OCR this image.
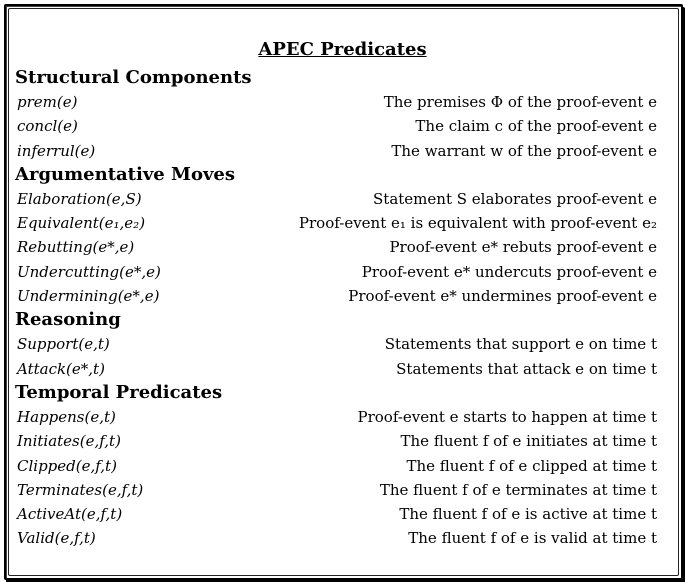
APEC Predicates
Structural Components
prem(e)	The premises Φ of the proof-event e
concl(e)	The claim c of the proof-event e
inferrul(e)	The warrant w of the proof-event e
Argumentative Moves
Elaboration(e,S)	Statement S elaborates proof-event e
Equivalent(e₁,e₂)	Proof-event e₁ is equivalent with proof-event e₂
Rebutting(e*,e)	Proof-event e* rebuts proof-event e
Undercutting(e*,e)	Proof-event e* undercuts proof-event e
Undermining(e*,e)	Proof-event e* undermines proof-event e
Reasoning
Support(e,t)	Statements that support e on time t
Attack(e*,t)	Statements that attack e on time t
Temporal Predicates
Happens(e,t)	Proof-event e starts to happen at time t
Initiates(e,f,t)	The fluent f of e initiates at time t
Clipped(e,f,t)	The fluent f of e clipped at time t
Terminates(e,f,t)	The fluent f of e terminates at time t
ActiveAt(e,f,t)	The fluent f of e is active at time t
Valid(e,f,t)	The fluent f of e is valid at time t
